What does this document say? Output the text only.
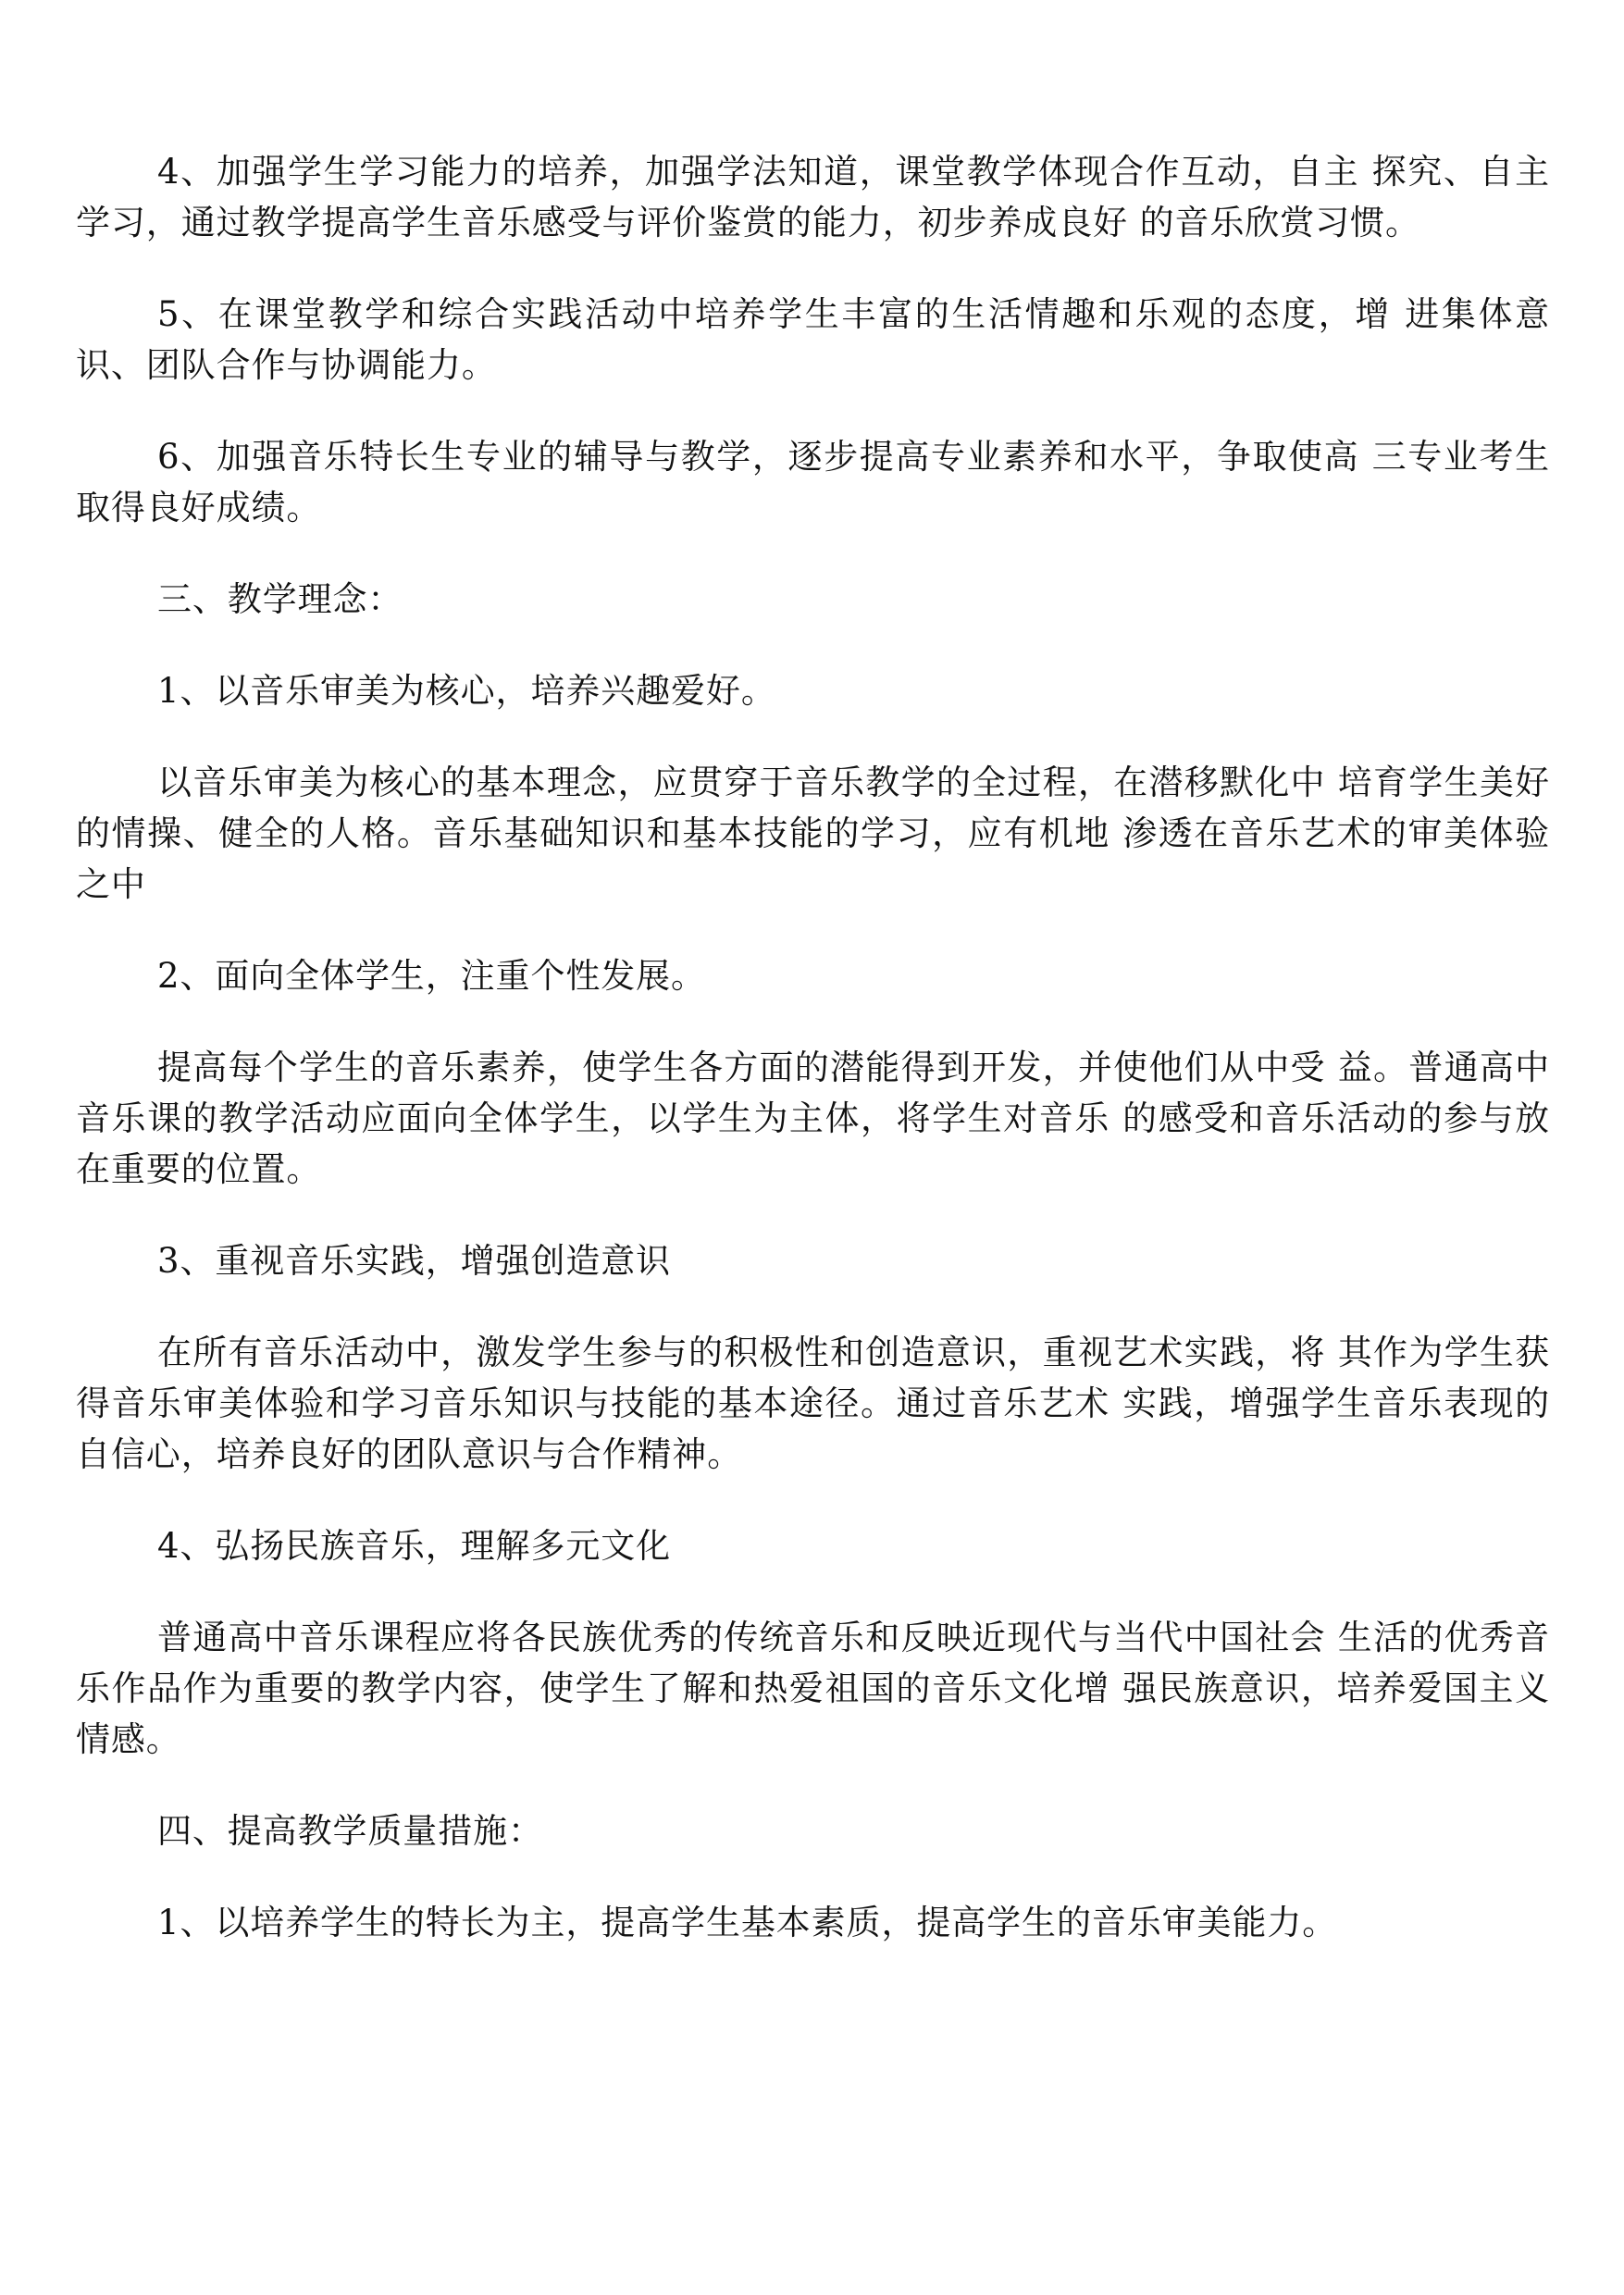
4、加强学生学习能力的培养，加强学法知道，课堂教学体现合作互动，自主 探究、自主学习，通过教学提高学生音乐感受与评价鉴赏的能力，初步养成良好 的音乐欣赏习惯。

5、在课堂教学和综合实践活动中培养学生丰富的生活情趣和乐观的态度，增 进集体意识、团队合作与协调能力。

6、加强音乐特长生专业的辅导与教学，逐步提高专业素养和水平，争取使高 三专业考生取得良好成绩。

三、教学理念：

1、以音乐审美为核心，培养兴趣爱好。

以音乐审美为核心的基本理念，应贯穿于音乐教学的全过程，在潜移默化中 培育学生美好的情操、健全的人格。音乐基础知识和基本技能的学习，应有机地 渗透在音乐艺术的审美体验之中

2、面向全体学生，注重个性发展。

提高每个学生的音乐素养，使学生各方面的潜能得到开发，并使他们从中受 益。普通高中音乐课的教学活动应面向全体学生，以学生为主体，将学生对音乐 的感受和音乐活动的参与放在重要的位置。

3、重视音乐实践，增强创造意识

在所有音乐活动中，激发学生参与的积极性和创造意识，重视艺术实践，将 其作为学生获得音乐审美体验和学习音乐知识与技能的基本途径。通过音乐艺术 实践，增强学生音乐表现的自信心，培养良好的团队意识与合作精神。

4、弘扬民族音乐，理解多元文化

普通高中音乐课程应将各民族优秀的传统音乐和反映近现代与当代中国社会 生活的优秀音乐作品作为重要的教学内容，使学生了解和热爱祖国的音乐文化增 强民族意识，培养爱国主义情感。

四、提高教学质量措施：

1、以培养学生的特长为主，提高学生基本素质，提高学生的音乐审美能力。
